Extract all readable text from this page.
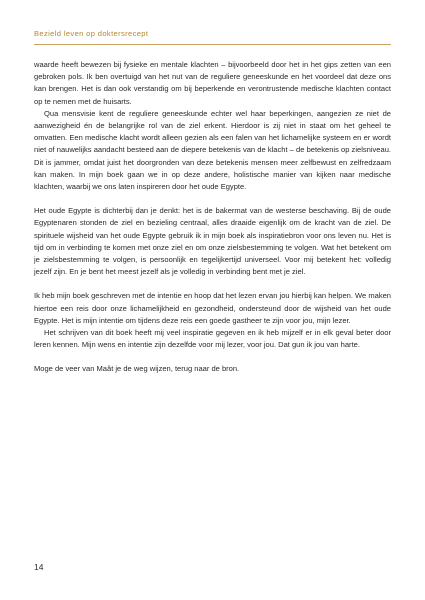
Bezield leven op doktersrecept

waarde heeft bewezen bij fysieke en mentale klachten – bijvoorbeeld door het in het gips zetten van een gebroken pols. Ik ben overtuigd van het nut van de reguliere geneeskunde en het voordeel dat deze ons kan brengen. Het is dan ook verstandig om bij beperkende en verontrustende medische klachten contact op te nemen met de huisarts.

Qua mensvisie kent de reguliere geneeskunde echter wel haar beperkingen, aangezien ze niet de aanwezigheid én de belangrijke rol van de ziel erkent. Hierdoor is zij niet in staat om het geheel te omvatten. Een medische klacht wordt alleen gezien als een falen van het lichamelijke systeem en er wordt niet of nauwelijks aandacht besteed aan de diepere betekenis van de klacht – de betekenis op zielsniveau. Dit is jammer, omdat juist het doorgronden van deze betekenis mensen meer zelfbewust en zelfredzaam kan maken. In mijn boek gaan we in op deze andere, holistische manier van kijken naar medische klachten, waarbij we ons laten inspireren door het oude Egypte.

Het oude Egypte is dichterbij dan je denkt: het is de bakermat van de westerse beschaving. Bij de oude Egyptenaren stonden de ziel en bezieling centraal, alles draaide eigenlijk om de kracht van de ziel. De spirituele wijsheid van het oude Egypte gebruik ik in mijn boek als inspiratiebron voor ons leven nu. Het is tijd om in verbinding te komen met onze ziel en om onze zielsbestemming te volgen. Wat het betekent om je zielsbestemming te volgen, is persoonlijk en tegelijkertijd universeel. Voor mij betekent het: volledig jezelf zijn. En je bent het meest jezelf als je volledig in verbinding bent met je ziel.

Ik heb mijn boek geschreven met de intentie en hoop dat het lezen ervan jou hierbij kan helpen. We maken hiertoe een reis door onze lichamelijkheid en gezondheid, ondersteund door de wijsheid van het oude Egypte. Het is mijn intentie om tijdens deze reis een goede gastheer te zijn voor jou, mijn lezer.

Het schrijven van dit boek heeft mij veel inspiratie gegeven en ik heb mijzelf er in elk geval beter door leren kennen. Mijn wens en intentie zijn dezelfde voor mij lezer, voor jou. Dat gun ik jou van harte.

Moge de veer van Maât je de weg wijzen, terug naar de bron.

14
